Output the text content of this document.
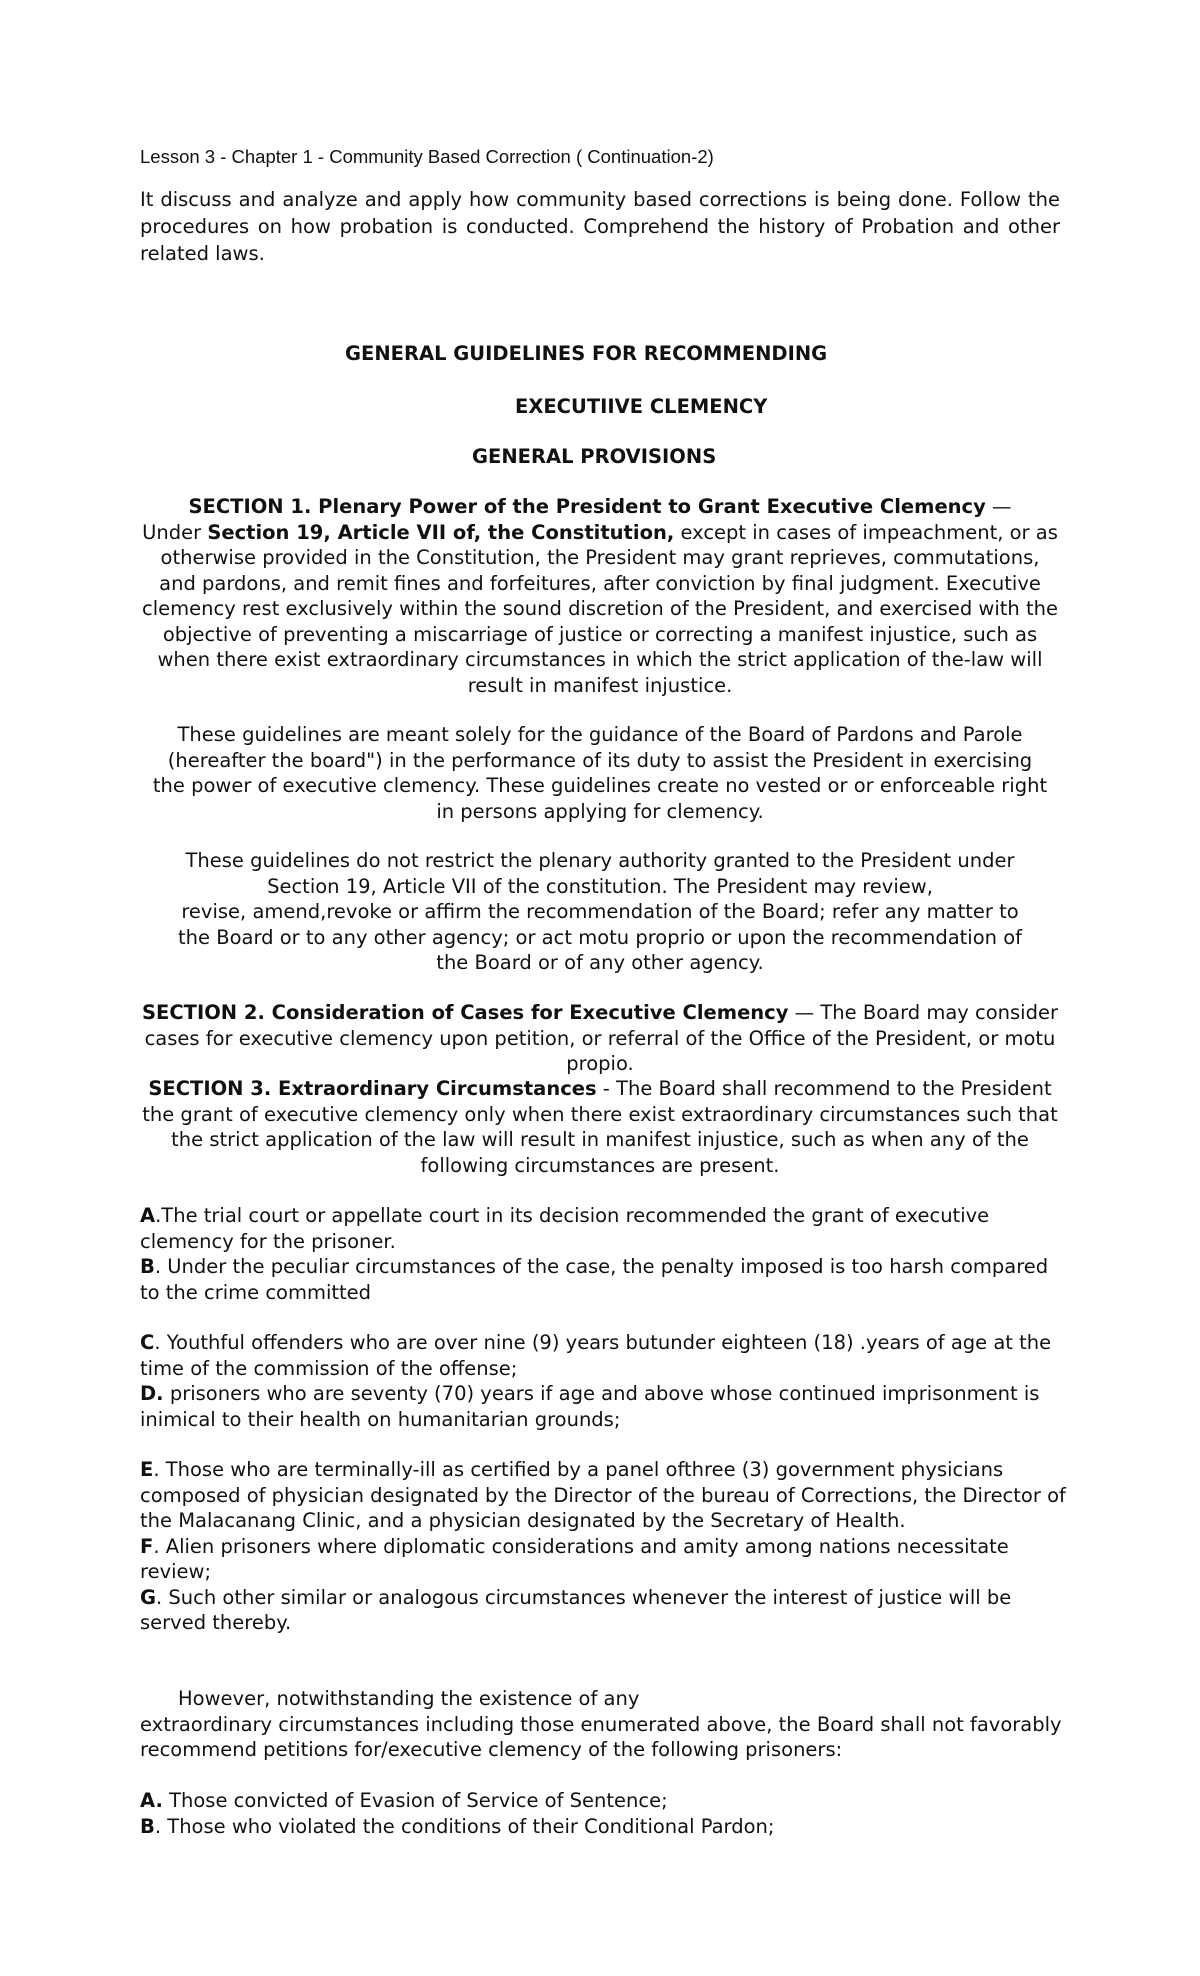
Lesson 3 - Chapter 1 - Community Based Correction ( Continuation-2)
It discuss and analyze and apply how community based corrections is being done. Follow the procedures on how probation is conducted. Comprehend the history of Probation and other related laws.
GENERAL GUIDELINES FOR RECOMMENDING
EXECUTIIVE CLEMENCY
GENERAL PROVISIONS
SECTION 1. Plenary Power of the President to Grant Executive Clemency —
Under Section 19, Article VII of, the Constitution, except in cases of impeachment, or as otherwise provided in the Constitution, the President may grant reprieves, commutations, and pardons, and remit fines and forfeitures, after conviction by final judgment. Executive clemency rest exclusively within the sound discretion of the President, and exercised with the objective of preventing a miscarriage of justice or correcting a manifest injustice, such as when there exist extraordinary circumstances in which the strict application of the-law will result in manifest injustice.
These guidelines are meant solely for the guidance of the Board of Pardons and Parole (hereafter the board") in the performance of its duty to assist the President in exercising the power of executive clemency. These guidelines create no vested or or enforceable right in persons applying for clemency.
These guidelines do not restrict the plenary authority granted to the President under
Section 19, Article VII of the constitution. The President may review,
revise, amend,revoke or affirm the recommendation of the Board; refer any matter to
the Board or to any other agency; or act motu proprio or upon the recommendation of
the Board or of any other agency.
SECTION 2. Consideration of Cases for Executive Clemency — The Board may consider cases for executive clemency upon petition, or referral of the Office of the President, or motu propio.
SECTION 3. Extraordinary Circumstances - The Board shall recommend to the President the grant of executive clemency only when there exist extraordinary circumstances such that the strict application of the law will result in manifest injustice, such as when any of the following circumstances are present.

A.The trial court or appellate court in its decision recommended the grant of executive clemency for the prisoner.

B. Under the peculiar circumstances of the case, the penalty imposed is too harsh compared to the crime committed

C. Youthful offenders who are over nine (9) years butunder eighteen (18) .years of age at the time of the commission of the offense;

D. prisoners who are seventy (70) years if age and above whose continued imprisonment is inimical to their health on humanitarian grounds;

E. Those who are terminally-ill as certified by a panel ofthree (3) government physicians composed of physician designated by the Director of the bureau of Corrections, the Director of the Malacanang Clinic, and a physician designated by the Secretary of Health.

F. Alien prisoners where diplomatic considerations and amity among nations necessitate review;

G. Such other similar or analogous circumstances whenever the interest of justice will be served thereby.

However, notwithstanding the existence of any
extraordinary circumstances including those enumerated above, the Board shall not favorably recommend petitions for/executive clemency of the following prisoners:

A. Those convicted of Evasion of Service of Sentence;

B. Those who violated the conditions of their Conditional Pardon;
